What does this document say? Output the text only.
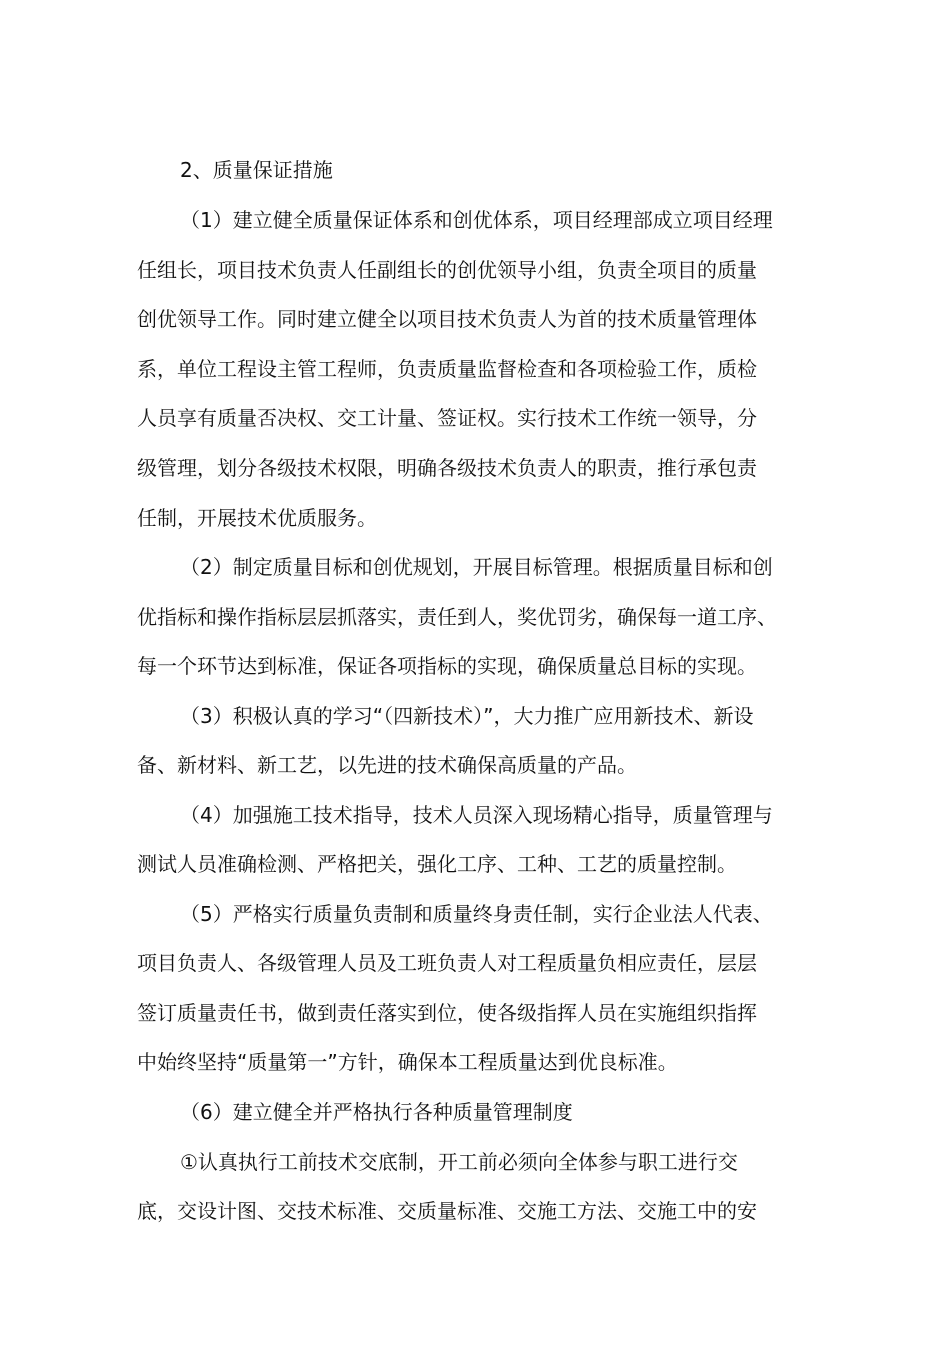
2、质量保证措施
（1）建立健全质量保证体系和创优体系，项目经理部成立项目经理
任组长，项目技术负责人任副组长的创优领导小组，负责全项目的质量
创优领导工作。同时建立健全以项目技术负责人为首的技术质量管理体
系，单位工程设主管工程师，负责质量监督检查和各项检验工作，质检
人员享有质量否决权、交工计量、签证权。实行技术工作统一领导，分
级管理，划分各级技术权限，明确各级技术负责人的职责，推行承包责
任制，开展技术优质服务。
（2）制定质量目标和创优规划，开展目标管理。根据质量目标和创
优指标和操作指标层层抓落实，责任到人，奖优罚劣，确保每一道工序、
每一个环节达到标准，保证各项指标的实现，确保质量总目标的实现。
（3）积极认真的学习“（四新技术）”，大力推广应用新技术、新设
备、新材料、新工艺，以先进的技术确保高质量的产品。
（4）加强施工技术指导，技术人员深入现场精心指导，质量管理与
测试人员准确检测、严格把关，强化工序、工种、工艺的质量控制。
（5）严格实行质量负责制和质量终身责任制，实行企业法人代表、
项目负责人、各级管理人员及工班负责人对工程质量负相应责任，层层
签订质量责任书，做到责任落实到位，使各级指挥人员在实施组织指挥
中始终坚持“质量第一”方针，确保本工程质量达到优良标准。
（6）建立健全并严格执行各种质量管理制度
①认真执行工前技术交底制，开工前必须向全体参与职工进行交
底，交设计图、交技术标准、交质量标准、交施工方法、交施工中的安
